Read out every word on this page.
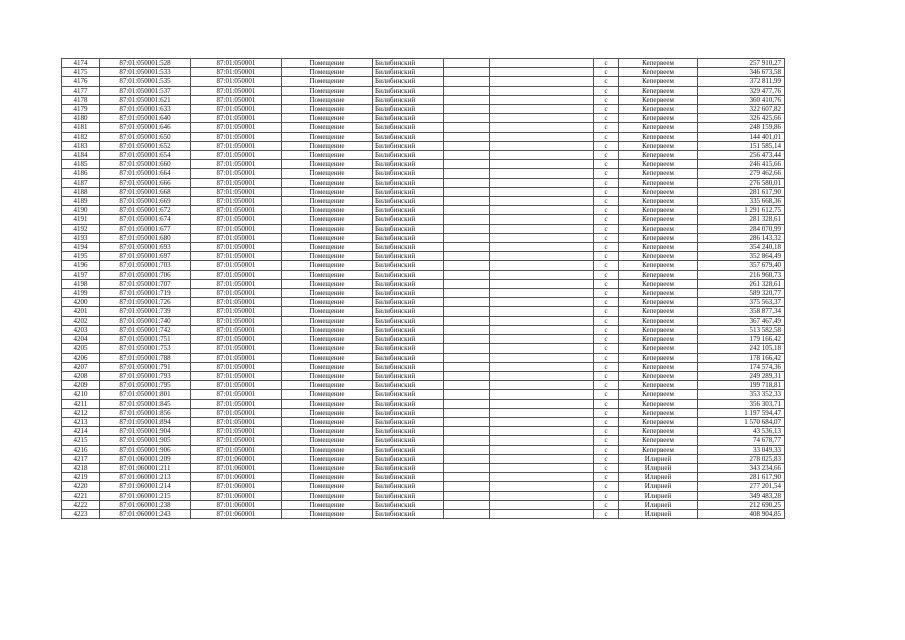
4174	87:01:050001:528	87:01:050001	Помещение	Билибинский			с	Кепервеем	257 910,27
4175	87:01:050001:533	87:01:050001	Помещение	Билибинский			с	Кепервеем	346 673,58
4176	87:01:050001:535	87:01:050001	Помещение	Билибинский			с	Кепервеем	372 811,99
4177	87:01:050001:537	87:01:050001	Помещение	Билибинский			с	Кепервеем	329 477,76
4178	87:01:050001:621	87:01:050001	Помещение	Билибинский			с	Кепервеем	360 410,76
4179	87:01:050001:633	87:01:050001	Помещение	Билибинский			с	Кепервеем	322 607,82
4180	87:01:050001:640	87:01:050001	Помещение	Билибинский			с	Кепервеем	326 425,66
4181	87:01:050001:646	87:01:050001	Помещение	Билибинский			с	Кепервеем	248 159,86
4182	87:01:050001:650	87:01:050001	Помещение	Билибинский			с	Кепервеем	144 401,01
4183	87:01:050001:652	87:01:050001	Помещение	Билибинский			с	Кепервеем	151 585,14
4184	87:01:050001:654	87:01:050001	Помещение	Билибинский			с	Кепервеем	256 473,44
4185	87:01:050001:660	87:01:050001	Помещение	Билибинский			с	Кепервеем	246 415,66
4186	87:01:050001:664	87:01:050001	Помещение	Билибинский			с	Кепервеем	279 462,66
4187	87:01:050001:666	87:01:050001	Помещение	Билибинский			с	Кепервеем	276 580,01
4188	87:01:050001:668	87:01:050001	Помещение	Билибинский			с	Кепервеем	281 617,90
4189	87:01:050001:669	87:01:050001	Помещение	Билибинский			с	Кепервеем	335 668,36
4190	87:01:050001:672	87:01:050001	Помещение	Билибинский			с	Кепервеем	1 291 612,75
4191	87:01:050001:674	87:01:050001	Помещение	Билибинский			с	Кепервеем	281 328,61
4192	87:01:050001:677	87:01:050001	Помещение	Билибинский			с	Кепервеем	284 070,99
4193	87:01:050001:680	87:01:050001	Помещение	Билибинский			с	Кепервеем	286 143,32
4194	87:01:050001:693	87:01:050001	Помещение	Билибинский			с	Кепервеем	354 240,18
4195	87:01:050001:697	87:01:050001	Помещение	Билибинский			с	Кепервеем	352 864,49
4196	87:01:050001:703	87:01:050001	Помещение	Билибинский			с	Кепервеем	357 679,40
4197	87:01:050001:706	87:01:050001	Помещение	Билибинский			с	Кепервеем	216 960,73
4198	87:01:050001:707	87:01:050001	Помещение	Билибинский			с	Кепервеем	261 328,61
4199	87:01:050001:719	87:01:050001	Помещение	Билибинский			с	Кепервеем	589 320,77
4200	87:01:050001:726	87:01:050001	Помещение	Билибинский			с	Кепервеем	375 563,37
4201	87:01:050001:739	87:01:050001	Помещение	Билибинский			с	Кепервеем	358 877,34
4202	87:01:050001:740	87:01:050001	Помещение	Билибинский			с	Кепервеем	367 467,49
4203	87:01:050001:742	87:01:050001	Помещение	Билибинский			с	Кепервеем	513 582,58
4204	87:01:050001:751	87:01:050001	Помещение	Билибинский			с	Кепервеем	179 166,42
4205	87:01:050001:753	87:01:050001	Помещение	Билибинский			с	Кепервеем	242 105,18
4206	87:01:050001:788	87:01:050001	Помещение	Билибинский			с	Кепервеем	178 166,42
4207	87:01:050001:791	87:01:050001	Помещение	Билибинский			с	Кепервеем	174 574,36
4208	87:01:050001:793	87:01:050001	Помещение	Билибинский			с	Кепервеем	249 289,31
4209	87:01:050001:795	87:01:050001	Помещение	Билибинский			с	Кепервеем	199 718,81
4210	87:01:050001:801	87:01:050001	Помещение	Билибинский			с	Кепервеем	353 352,33
4211	87:01:050001:845	87:01:050001	Помещение	Билибинский			с	Кепервеем	356 303,71
4212	87:01:050001:856	87:01:050001	Помещение	Билибинский			с	Кепервеем	1 197 594,47
4213	87:01:050001:894	87:01:050001	Помещение	Билибинский			с	Кепервеем	1 570 684,07
4214	87:01:050001:904	87:01:050001	Помещение	Билибинский			с	Кепервеем	43 536,13
4215	87:01:050001:905	87:01:050001	Помещение	Билибинский			с	Кепервеем	74 678,77
4216	87:01:050001:906	87:01:050001	Помещение	Билибинский			с	Кепервеем	33 049,33
4217	87:01:060001:209	87:01:060001	Помещение	Билибинский			с	Илирней	278 025,83
4218	87:01:060001:211	87:01:060001	Помещение	Билибинский			с	Илирней	343 234,66
4219	87:01:060001:213	87:01:060001	Помещение	Билибинский			с	Илирней	281 617,90
4220	87:01:060001:214	87:01:060001	Помещение	Билибинский			с	Илирней	277 201,54
4221	87:01:060001:215	87:01:060001	Помещение	Билибинский			с	Илирней	349 483,28
4222	87:01:060001:238	87:01:060001	Помещение	Билибинский			с	Илирней	212 690,25
4223	87:01:060001:243	87:01:060001	Помещение	Билибинский			с	Илирней	408 904,85
